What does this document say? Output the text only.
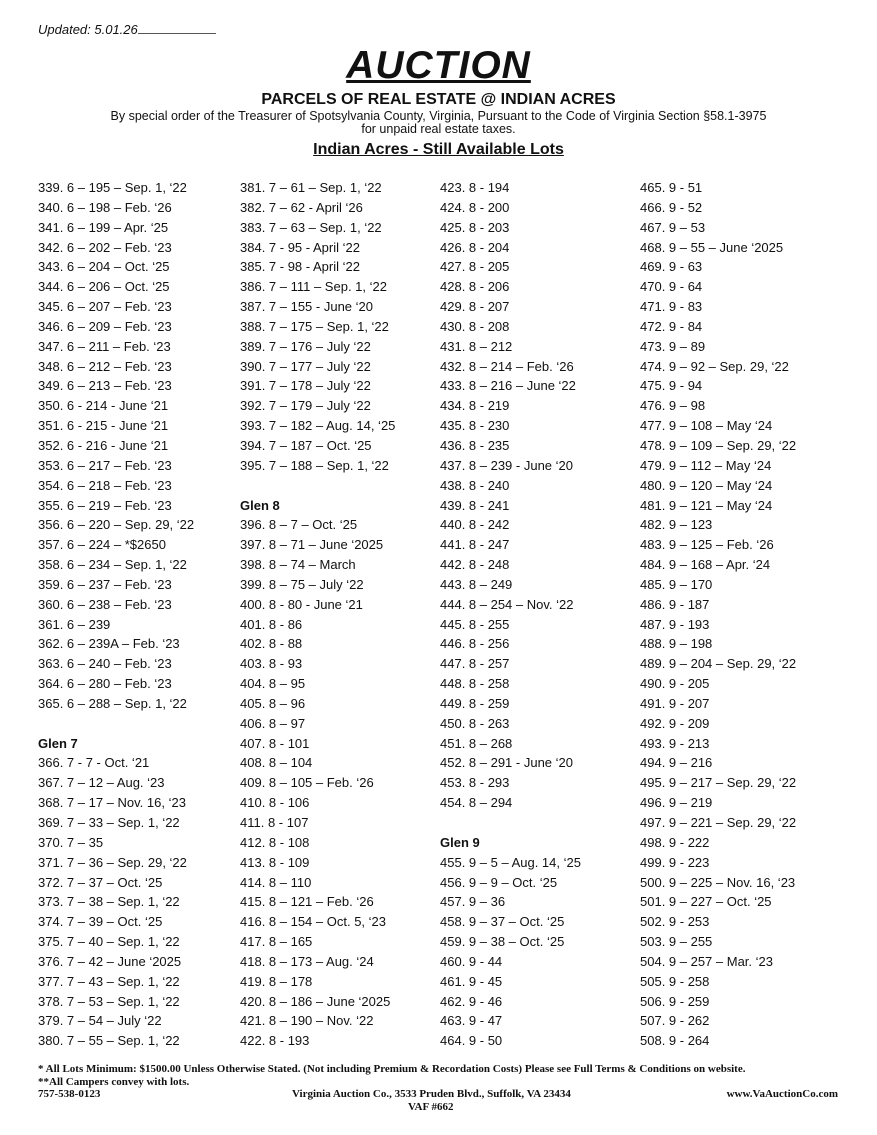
Updated: 5.01.26
AUCTION
PARCELS OF REAL ESTATE @ INDIAN ACRES
By special order of the Treasurer of Spotsylvania County, Virginia, Pursuant to the Code of Virginia Section §58.1-3975
for unpaid real estate taxes.
Indian Acres - Still Available Lots
339. 6 – 195 – Sep. 1, ‘22
340. 6 – 198 – Feb. ‘26
341. 6 – 199 – Apr. ‘25
342. 6 – 202 – Feb. ‘23
343. 6 – 204 – Oct. ‘25
344. 6 – 206 – Oct. ‘25
345. 6 – 207 – Feb. ‘23
346. 6 – 209 – Feb. ‘23
347. 6 – 211 – Feb. ‘23
348. 6 – 212 – Feb. ‘23
349. 6 – 213 – Feb. ‘23
350. 6 - 214 - June ‘21
351. 6 - 215 - June ‘21
352. 6 - 216 - June ‘21
353. 6 – 217 – Feb. ‘23
354. 6 – 218 – Feb. ‘23
355. 6 – 219 – Feb. ‘23
356. 6 – 220 – Sep. 29, ‘22
357. 6 – 224 – *$2650
358. 6 – 234 – Sep. 1, ‘22
359. 6 – 237 – Feb. ‘23
360. 6 – 238 – Feb. ‘23
361. 6 – 239
362. 6 – 239A – Feb. ‘23
363. 6 – 240 – Feb. ‘23
364. 6 – 280 – Feb. ‘23
365. 6 – 288 – Sep. 1, ‘22
Glen 7
366. 7 - 7 - Oct. ‘21
367. 7 – 12 – Aug. ‘23
368. 7 – 17 – Nov. 16, ‘23
369. 7 – 33 – Sep. 1, ‘22
370. 7 – 35
371. 7 – 36 – Sep. 29, ‘22
372. 7 – 37 – Oct. ‘25
373. 7 – 38 – Sep. 1, ‘22
374. 7 – 39 – Oct. ‘25
375. 7 – 40 – Sep. 1, ‘22
376. 7 – 42 – June ‘2025
377. 7 – 43 – Sep. 1, ‘22
378. 7 – 53 – Sep. 1, ‘22
379. 7 – 54 – July ‘22
380. 7 – 55 – Sep. 1, ‘22
381. 7 – 61 – Sep. 1, ‘22
382. 7 – 62 - April ‘26
383. 7 – 63 – Sep. 1, ‘22
384. 7 - 95 - April ‘22
385. 7 - 98 - April ‘22
386. 7 – 111 – Sep. 1, ‘22
387. 7 – 155 - June ‘20
388. 7 – 175 – Sep. 1, ‘22
389. 7 – 176 – July ‘22
390. 7 – 177 – July ‘22
391. 7 – 178 – July ‘22
392. 7 – 179 – July ‘22
393. 7 – 182 – Aug. 14, ‘25
394. 7 – 187 – Oct. ‘25
395. 7 – 188 – Sep. 1, ‘22
Glen 8
396. 8 – 7 – Oct. ‘25
397. 8 – 71 – June ‘2025
398. 8 – 74 – March
399. 8 – 75 – July ‘22
400. 8 - 80 - June ‘21
401. 8 - 86
402. 8 - 88
403. 8 - 93
404. 8 – 95
405. 8 – 96
406. 8 – 97
407. 8 - 101
408. 8 – 104
409. 8 – 105 – Feb. ‘26
410. 8 - 106
411. 8 - 107
412. 8 - 108
413. 8 - 109
414. 8 – 110
415. 8 – 121 – Feb. ‘26
416. 8 – 154 – Oct. 5, ‘23
417. 8 – 165
418. 8 – 173 – Aug. ‘24
419. 8 – 178
420. 8 – 186 – June ‘2025
421. 8 – 190 – Nov. ‘22
422. 8 - 193
423. 8 - 194
424. 8 - 200
425. 8 - 203
426. 8 - 204
427. 8 - 205
428. 8 - 206
429. 8 - 207
430. 8 - 208
431. 8 – 212
432. 8 – 214 – Feb. ‘26
433. 8 – 216 – June ‘22
434. 8 - 219
435. 8 - 230
436. 8 - 235
437. 8 – 239 - June ‘20
438. 8 - 240
439. 8 - 241
440. 8 - 242
441. 8 - 247
442. 8 - 248
443. 8 – 249
444. 8 – 254 – Nov. ‘22
445. 8 - 255
446. 8 - 256
447. 8 - 257
448. 8 - 258
449. 8 - 259
450. 8 - 263
451. 8 – 268
452. 8 – 291 - June ‘20
453. 8 - 293
454. 8 – 294
Glen 9
455. 9 – 5 – Aug. 14, ‘25
456. 9 – 9 – Oct. ‘25
457. 9 – 36
458. 9 – 37 – Oct. ‘25
459. 9 – 38 – Oct. ‘25
460. 9 - 44
461. 9 - 45
462. 9 - 46
463. 9 - 47
464. 9 - 50
465. 9 - 51
466. 9 - 52
467. 9 – 53
468. 9 – 55 – June ‘2025
469. 9 - 63
470. 9 - 64
471. 9 - 83
472. 9 - 84
473. 9 – 89
474. 9 – 92 – Sep. 29, ‘22
475. 9 - 94
476. 9 – 98
477. 9 – 108 – May ‘24
478. 9 – 109 – Sep. 29, ‘22
479. 9 – 112 – May ‘24
480. 9 – 120 – May ‘24
481. 9 – 121 – May ‘24
482. 9 – 123
483. 9 – 125 – Feb. ‘26
484. 9 – 168 – Apr. ‘24
485. 9 – 170
486. 9 - 187
487. 9 - 193
488. 9 – 198
489. 9 – 204 – Sep. 29, ‘22
490. 9 - 205
491. 9 - 207
492. 9 - 209
493. 9 - 213
494. 9 – 216
495. 9 – 217 – Sep. 29, ‘22
496. 9 – 219
497. 9 – 221 – Sep. 29, ‘22
498. 9 - 222
499. 9 - 223
500. 9 – 225 – Nov. 16, ‘23
501. 9 – 227 – Oct. ‘25
502. 9 - 253
503. 9 – 255
504. 9 – 257 – Mar. ‘23
505. 9 - 258
506. 9 - 259
507. 9 - 262
508. 9 - 264
* All Lots Minimum: $1500.00 Unless Otherwise Stated. (Not including Premium & Recordation Costs) Please see Full Terms & Conditions on website.
**All Campers convey with lots.
757-538-0123	Virginia Auction Co., 3533 Pruden Blvd., Suffolk, VA 23434	www.VaAuctionCo.com
VAF #662
